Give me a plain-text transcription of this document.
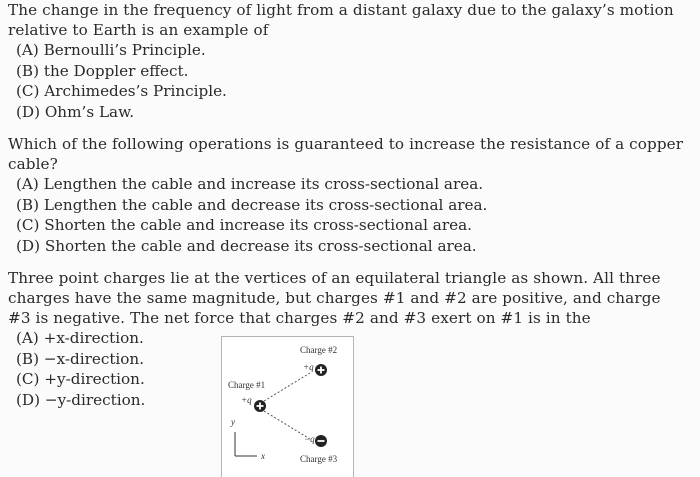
The change in the frequency of light from a distant galaxy due to the galaxy’s motion relative to Earth is an example of
(A) Bernoulli’s Principle.
(B) the Doppler effect.
(C) Archimedes’s Principle.
(D) Ohm’s Law.
Which of the following operations is guaranteed to increase the resistance of a copper cable?
(A) Lengthen the cable and increase its cross-sectional area.
(B) Lengthen the cable and decrease its cross-sectional area.
(C) Shorten the cable and increase its cross-sectional area.
(D) Shorten the cable and decrease its cross-sectional area.
Three point charges lie at the vertices of an equilateral triangle as shown. All three charges have the same magnitude, but charges #1 and #2 are positive, and charge #3 is negative. The net force that charges #2 and #3 exert on #1 is in the
(A) +x-direction.
(B) −x-direction.
(C) +y-direction.
(D) −y-direction.
Charge #2
+q
Charge #1
+q
−q
Charge #3
y
x
